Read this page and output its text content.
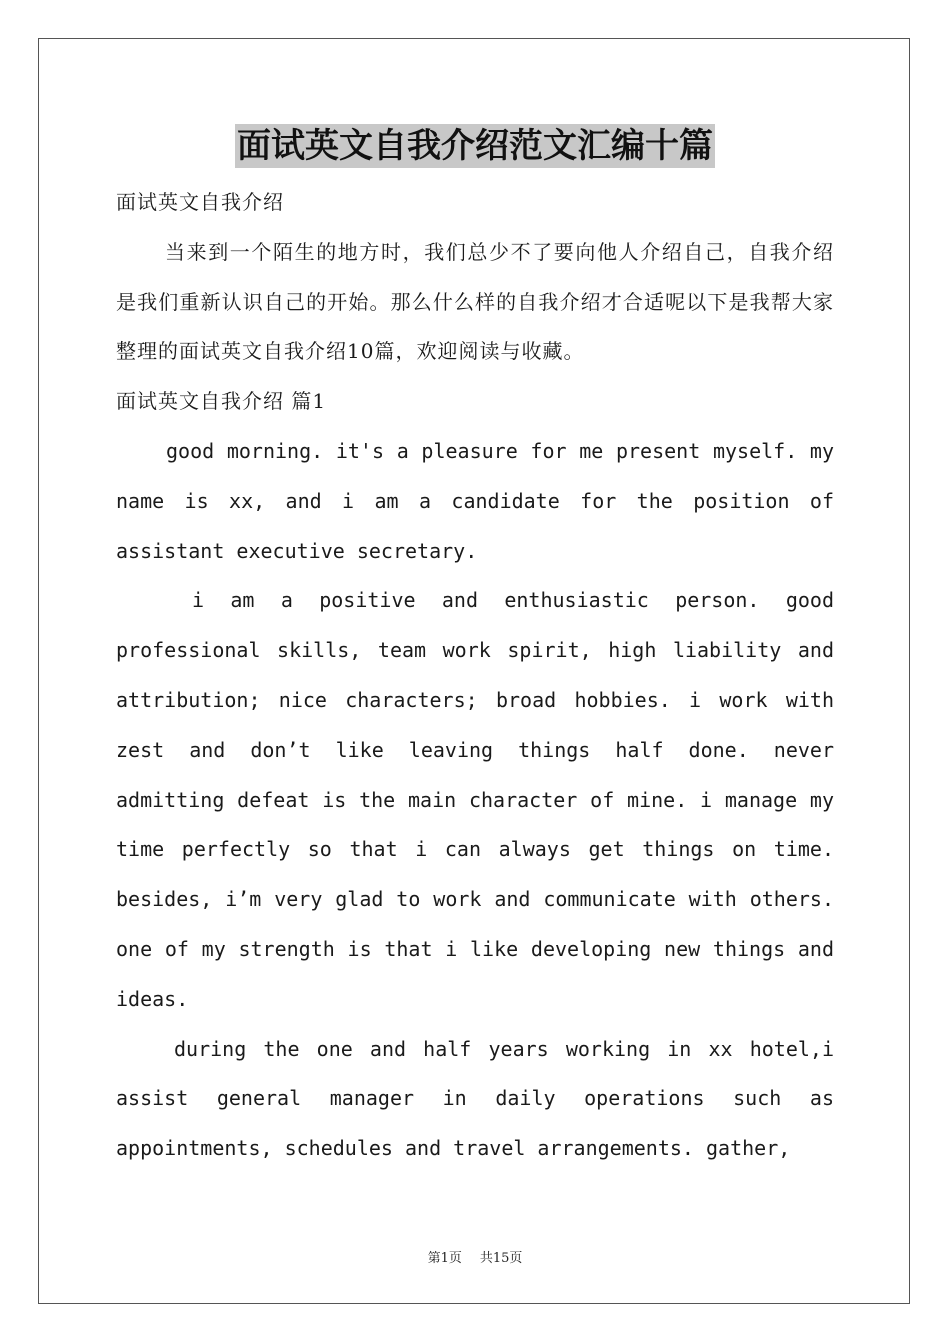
面试英文自我介绍范文汇编十篇

面试英文自我介绍

当来到一个陌生的地方时，我们总少不了要向他人介绍自己，自我介绍是我们重新认识自己的开始。那么什么样的自我介绍才合适呢以下是我帮大家整理的面试英文自我介绍10篇，欢迎阅读与收藏。

面试英文自我介绍 篇1

good morning. it's a pleasure for me present myself. my name is xx, and i am a candidate for the position of assistant executive secretary.

i am a positive and enthusiastic person. good professional skills, team work spirit, high liability and attribution; nice characters; broad hobbies. i work with zest and don’t like leaving things half done. never admitting defeat is the main character of mine. i manage my time perfectly so that i can always get things on time. besides, i’m very glad to work and communicate with others. one of my strength is that i like developing new things and ideas.

during the one and half years working in xx hotel,i assist general manager in daily operations such as appointments, schedules and travel arrangements. gather,

第1页 共15页
